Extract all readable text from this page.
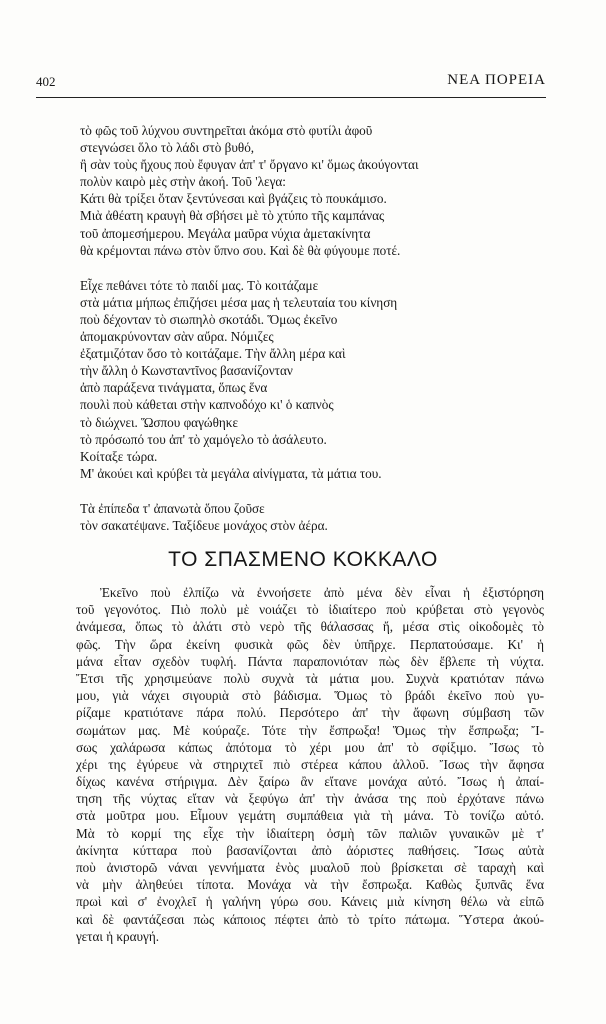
402	ΝΕΑ ΠΟΡΕΙΑ
τὸ φῶς τοῦ λύχνου συντηρεῖται ἀκόμα στὸ φυτίλι ἀφοῦ
στεγνώσει ὅλο τὸ λάδι στὸ βυθό,
ἢ σὰν τοὺς ἤχους ποὺ ἔφυγαν ἀπ' τ' ὄργανο κι' ὅμως ἀκούγονται
πολὺν καιρὸ μὲς στὴν ἀκοή. Τοῦ 'λεγα:
Κάτι θὰ τρίξει ὅταν ξεντύνεσαι καὶ βγάζεις τὸ πουκάμισο.
Μιὰ ἀθέατη κραυγὴ θὰ σβήσει μὲ τὸ χτύπο τῆς καμπάνας
τοῦ ἀπομεσήμερου. Μεγάλα μαῦρα νύχια ἀμετακίνητα
θὰ κρέμονται πάνω στὸν ὕπνο σου. Καὶ δὲ θὰ φύγουμε ποτέ.
Εἶχε πεθάνει τότε τὸ παιδί μας. Τὸ κοιτάζαμε
στὰ μάτια μήπως ἐπιζήσει μέσα μας ἡ τελευταία του κίνηση
ποὺ δέχονταν τὸ σιωπηλὸ σκοτάδι. Ὅμως ἐκεῖνο
ἀπομακρύνονταν σὰν αὔρα. Νόμιζες
ἐξατμιζόταν ὅσο τὸ κοιτάζαμε. Τὴν ἄλλη μέρα καὶ
τὴν ἄλλη ὁ Κωνσταντῖνος βασανίζονταν
ἀπὸ παράξενα τινάγματα, ὅπως ἕνα
πουλὶ ποὺ κάθεται στὴν καπνοδόχο κι' ὁ καπνὸς
τὸ διώχνει. Ὥσπου φαγώθηκε
τὸ πρόσωπό του ἀπ' τὸ χαμόγελο τὸ ἀσάλευτο.
Κοίταξε τώρα.
Μ' ἀκούει καὶ κρύβει τὰ μεγάλα αἰνίγματα, τὰ μάτια του.
Τὰ ἐπίπεδα τ' ἀπανωτὰ ὅπου ζοῦσε
τὸν σακατέψανε. Ταξίδευε μονάχος στὸν ἀέρα.
ΤΟ ΣΠΑΣΜΕΝΟ ΚΟΚΚΑΛΟ
Ἐκεῖνο ποὺ ἐλπίζω νὰ ἐννοήσετε ἀπὸ μένα δὲν εἶναι ἡ ἐξιστόρηση
τοῦ γεγονότος. Πιὸ πολὺ μὲ νοιάζει τὸ ἰδιαίτερο ποὺ κρύβεται στὸ γεγονὸς
ἀνάμεσα, ὅπως τὸ ἁλάτι στὸ νερὸ τῆς θάλασσας ἤ, μέσα στὶς οἰκοδομὲς τὸ
φῶς. Τὴν ὥρα ἐκείνη φυσικὰ φῶς δὲν ὑπῆρχε. Περπατούσαμε. Κι' ἡ
μάνα εἶταν σχεδὸν τυφλή. Πάντα παραπονιόταν πὼς δὲν ἔβλεπε τὴ νύχτα.
Ἔτσι τῆς χρησιμεύανε πολὺ συχνὰ τὰ μάτια μου. Συχνὰ κρατιόταν πάνω
μου, γιὰ νάχει σιγουριὰ στὸ βάδισμα. Ὅμως τὸ βράδι ἐκεῖνο ποὺ γυ-
ρίζαμε κρατιότανε πάρα πολύ. Περσότερο ἀπ' τὴν ἄφωνη σύμβαση τῶν
σωμάτων μας. Μὲ κούραζε. Τότε τὴν ἔσπρωξα! Ὅμως τὴν ἔσπρωξα; Ἴ-
σως χαλάρωσα κάπως ἀπότομα τὸ χέρι μου ἀπ' τὸ σφίξιμο. Ἴσως τὸ
χέρι της ἐγύρευε νὰ στηριχτεῖ πιὸ στέρεα κάπου ἀλλοῦ. Ἴσως τὴν ἄφησα
δίχως κανένα στήριγμα. Δὲν ξαίρω ἂν εἴτανε μονάχα αὐτό. Ἴσως ἡ ἀπαί-
τηση τῆς νύχτας εἴταν νὰ ξεφύγω ἀπ' τὴν ἀνάσα της ποὺ ἐρχότανε πάνω
στὰ μοῦτρα μου. Εἶμουν γεμάτη συμπάθεια γιὰ τὴ μάνα. Τὸ τονίζω αὐτό.
Μὰ τὸ κορμί της εἶχε τὴν ἰδιαίτερη ὀσμὴ τῶν παλιῶν γυναικῶν μὲ τ'
ἀκίνητα κύτταρα ποὺ βασανίζονται ἀπὸ ἀόριστες παθήσεις. Ἴσως αὐτὰ
ποὺ ἀνιστορῶ νάναι γεννήματα ἑνὸς μυαλοῦ ποὺ βρίσκεται σὲ ταραχὴ καὶ
νὰ μὴν ἀληθεύει τίποτα. Μονάχα νὰ τὴν ἔσπρωξα. Καθὼς ξυπνᾶς ἕνα
πρωὶ καὶ σ' ἐνοχλεῖ ἡ γαλήνη γύρω σου. Κάνεις μιὰ κίνηση θέλω νὰ εἰπῶ
καὶ δὲ φαντάζεσαι πὼς κάποιος πέφτει ἀπὸ τὸ τρίτο πάτωμα. Ὕστερα ἀκού-
γεται ἡ κραυγή.
